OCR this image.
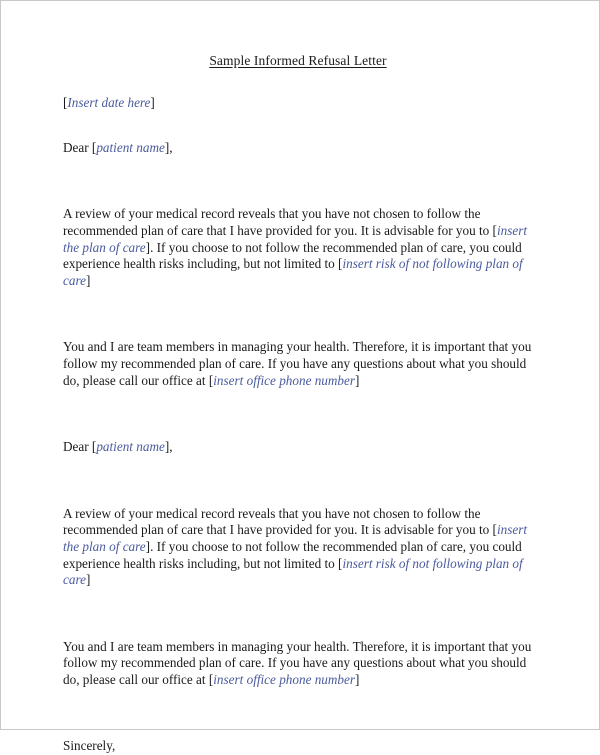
Sample Informed Refusal Letter
[Insert date here]
Dear [patient name],
A review of your medical record reveals that you have not chosen to follow the recommended plan of care that I have provided for you. It is advisable for you to [insert the plan of care]. If you choose to not follow the recommended plan of care, you could experience health risks including, but not limited to [insert risk of not following plan of care]
You and I are team members in managing your health. Therefore, it is important that you follow my recommended plan of care. If you have any questions about what you should do, please call our office at [insert office phone number]
Dear [patient name],
A review of your medical record reveals that you have not chosen to follow the recommended plan of care that I have provided for you. It is advisable for you to [insert the plan of care]. If you choose to not follow the recommended plan of care, you could experience health risks including, but not limited to [insert risk of not following plan of care]
You and I are team members in managing your health. Therefore, it is important that you follow my recommended plan of care. If you have any questions about what you should do, please call our office at [insert office phone number]
Sincerely,
